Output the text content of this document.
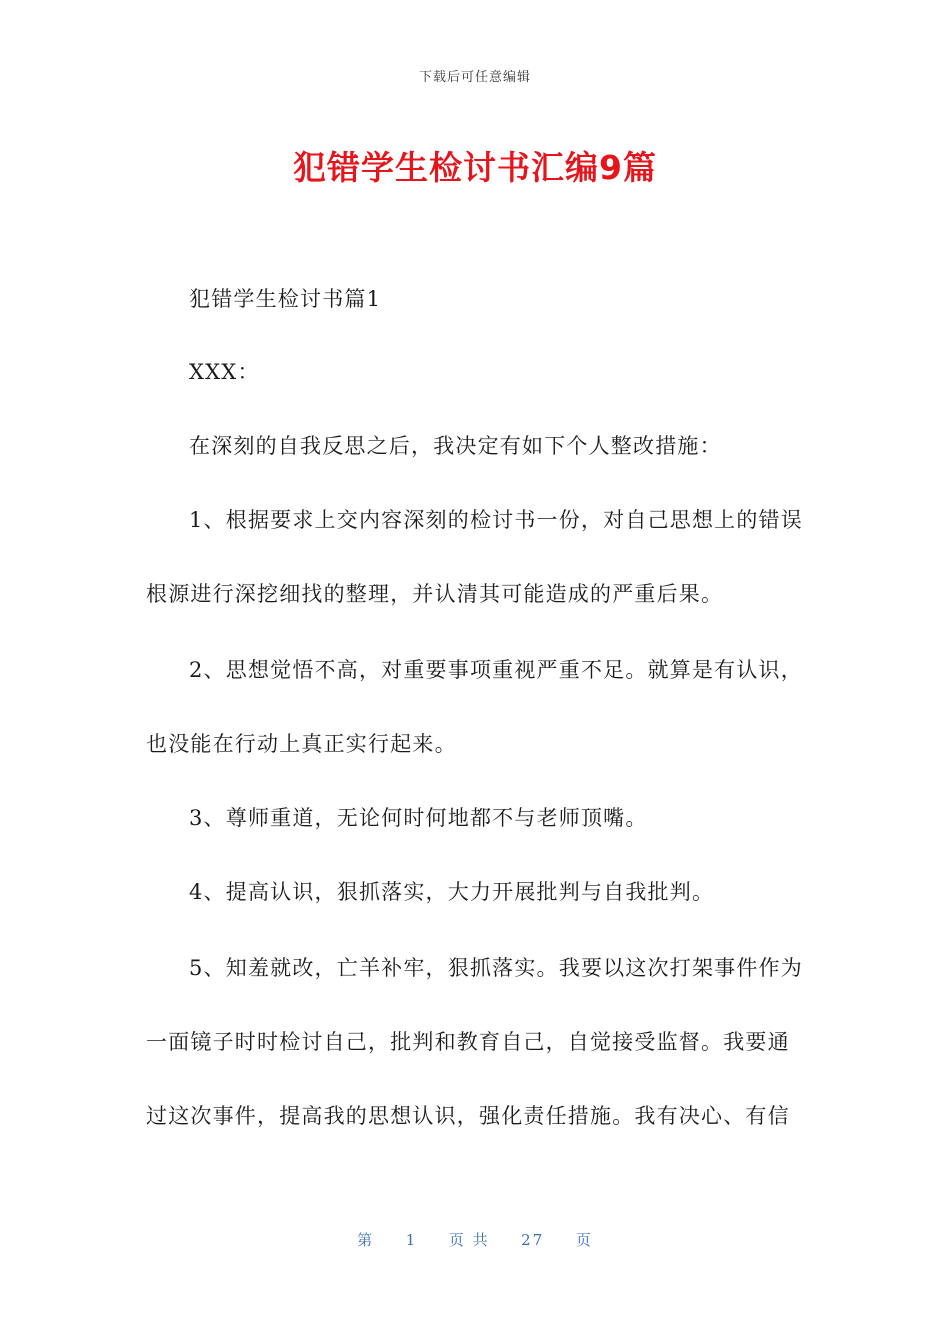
下载后可任意编辑
犯错学生检讨书汇编9篇

犯错学生检讨书篇1

XXX：

在深刻的自我反思之后，我决定有如下个人整改措施：

1、根据要求上交内容深刻的检讨书一份，对自己思想上的错误

根源进行深挖细找的整理，并认清其可能造成的严重后果。

2、思想觉悟不高，对重要事项重视严重不足。就算是有认识，

也没能在行动上真正实行起来。

3、尊师重道，无论何时何地都不与老师顶嘴。

4、提高认识，狠抓落实，大力开展批判与自我批判。

5、知羞就改，亡羊补牢，狠抓落实。我要以这次打架事件作为

一面镜子时时检讨自己，批判和教育自己，自觉接受监督。我要通

过这次事件，提高我的思想认识，强化责任措施。我有决心、有信

第 1 页 共 27 页
